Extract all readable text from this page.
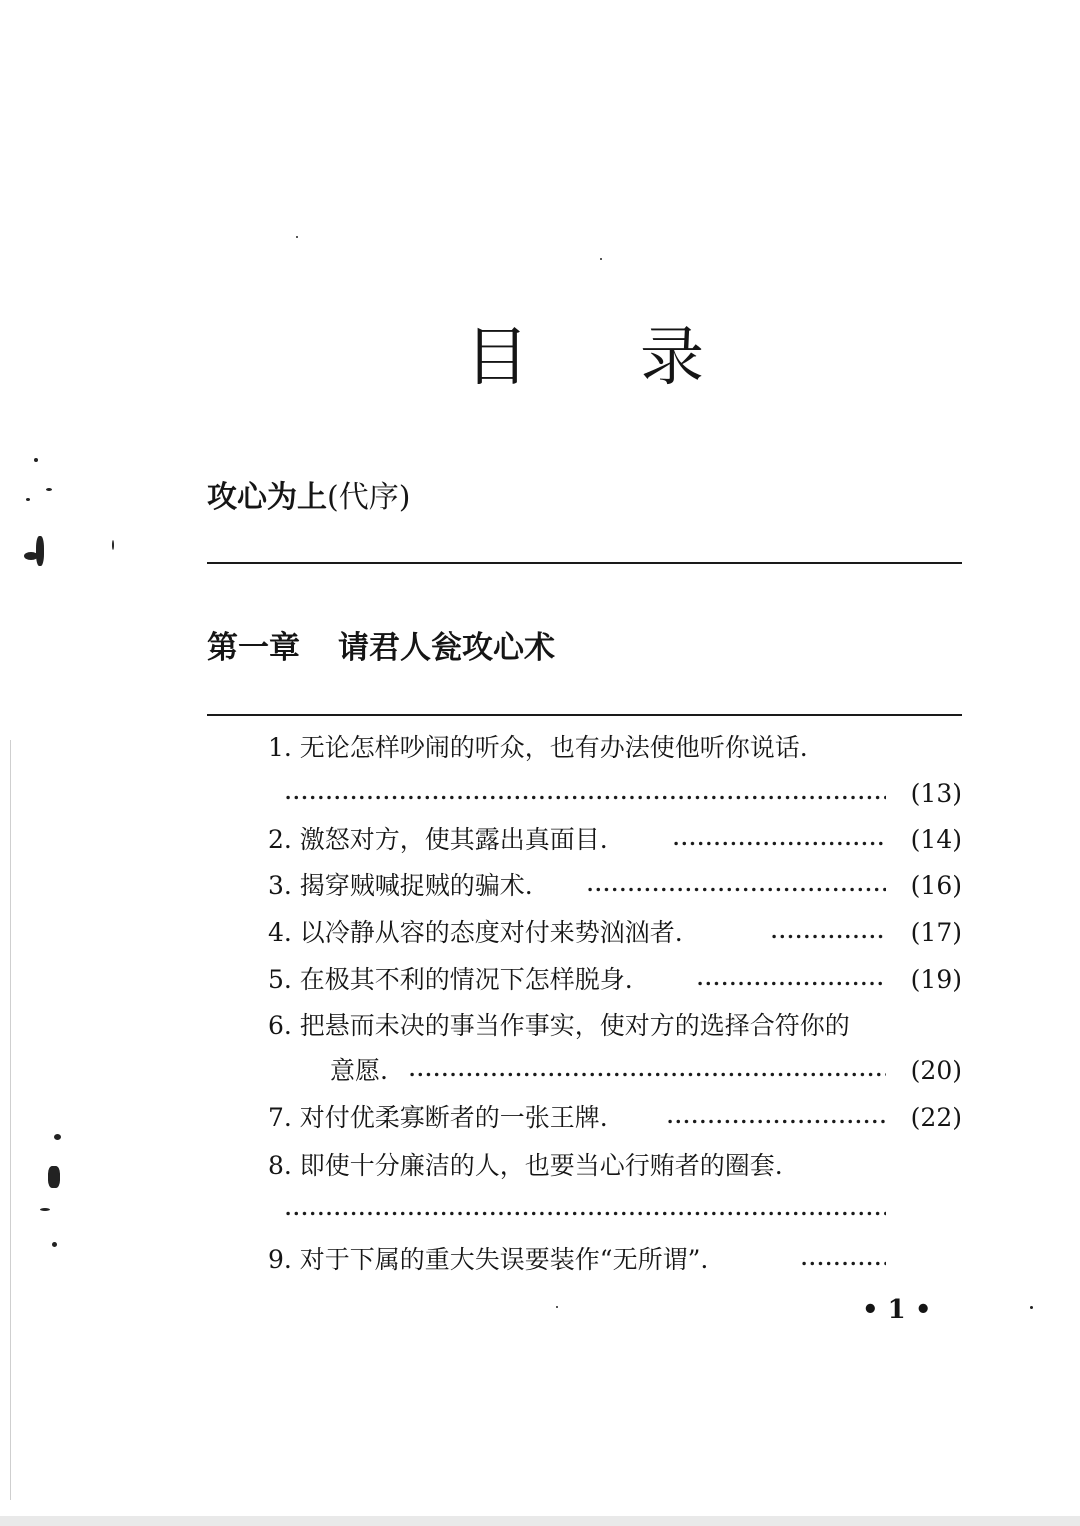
目 录
攻心为上(代序)
第一章 请君人瓮攻心术
1. 无论怎样吵闹的听众，也有办法使他听你说话.
(13)
2. 激怒对方，使其露出真面目.	(14)
3. 揭穿贼喊捉贼的骗术.	(16)
4. 以冷静从容的态度对付来势汹汹者.	(17)
5. 在极其不利的情况下怎样脱身.	(19)
6. 把悬而未决的事当作事实，使对方的选择合符你的
意愿.	(20)
7. 对付优柔寡断者的一张王牌.	(22)
8. 即使十分廉洁的人，也要当心行贿者的圈套.
9. 对于下属的重大失误要装作“无所谓”.
• 1 •
